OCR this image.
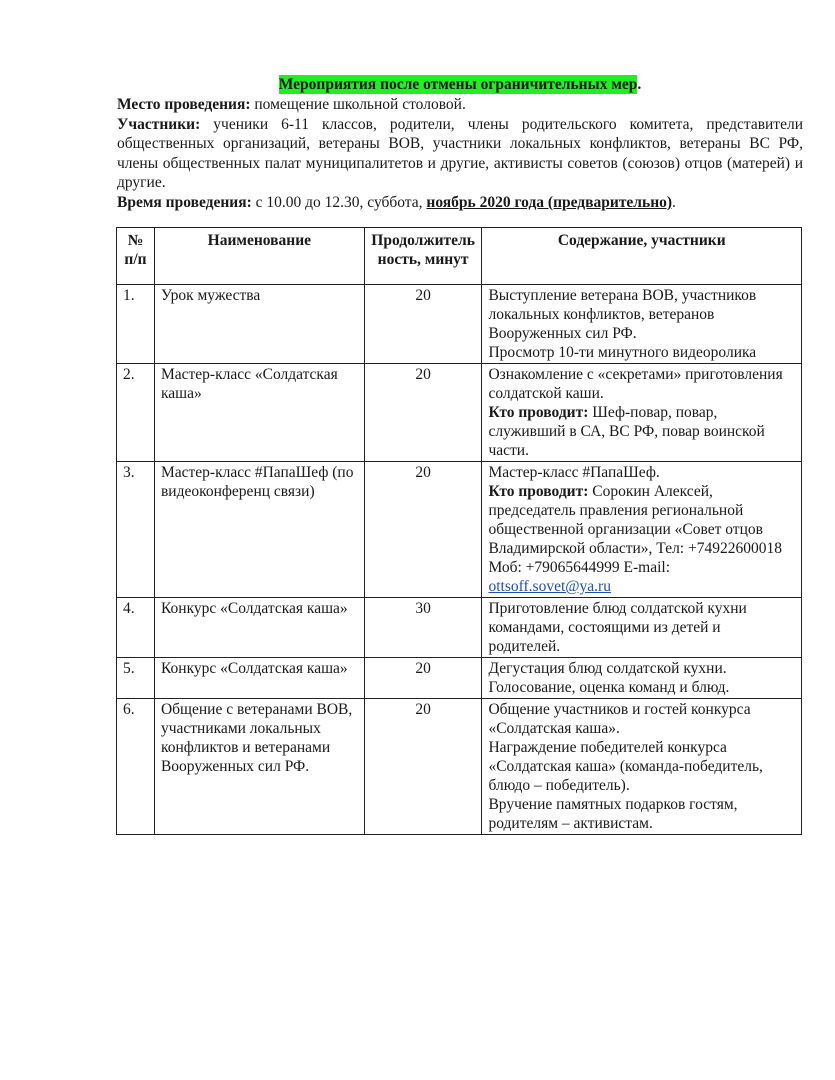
Мероприятия после отмены ограничительных мер.

Место проведения: помещение школьной столовой.

Участники: ученики 6-11 классов, родители, члены родительского комитета, представители общественных организаций, ветераны ВОВ, участники локальных конфликтов, ветераны ВС РФ, члены общественных палат муниципалитетов и другие, активисты советов (союзов) отцов (матерей) и другие.

Время проведения: с 10.00 до 12.30, суббота, ноябрь 2020 года (предварительно).

№ п/п	Наименование	Продолжительность, минут	Содержание, участники
1.	Урок мужества	20	Выступление ветерана ВОВ, участников локальных конфликтов, ветеранов Вооруженных сил РФ.
Просмотр 10-ти минутного видеоролика

2.	Мастер-класс «Солдатская каша»	20	Ознакомление с «секретами» приготовления солдатской каши.
Кто проводит: Шеф-повар, повар, служивший в СА, ВС РФ, повар воинской части.

3.	Мастер-класс #ПапаШеф (по видеоконференц связи)	20	Мастер-класс #ПапаШеф.
Кто проводит: Сорокин Алексей, председатель правления региональной общественной организации «Совет отцов Владимирской области», Тел: +74922600018
Моб: +79065644999 E-mail:
ottsoff.sovet@ya.ru
4.	Конкурс «Солдатская каша»	30	Приготовление блюд солдатской кухни командами, состоящими из детей и родителей.

5.	Конкурс «Солдатская каша»	20	Дегустация блюд солдатской кухни.
Голосование, оценка команд и блюд.

6.	Общение с ветеранами ВОВ, участниками локальных конфликтов и ветеранами Вооруженных сил РФ.	20	Общение участников и гостей конкурса «Солдатская каша».
Награждение победителей конкурса «Солдатская каша» (команда-победитель, блюдо – победитель).
Вручение памятных подарков гостям, родителям – активистам.
